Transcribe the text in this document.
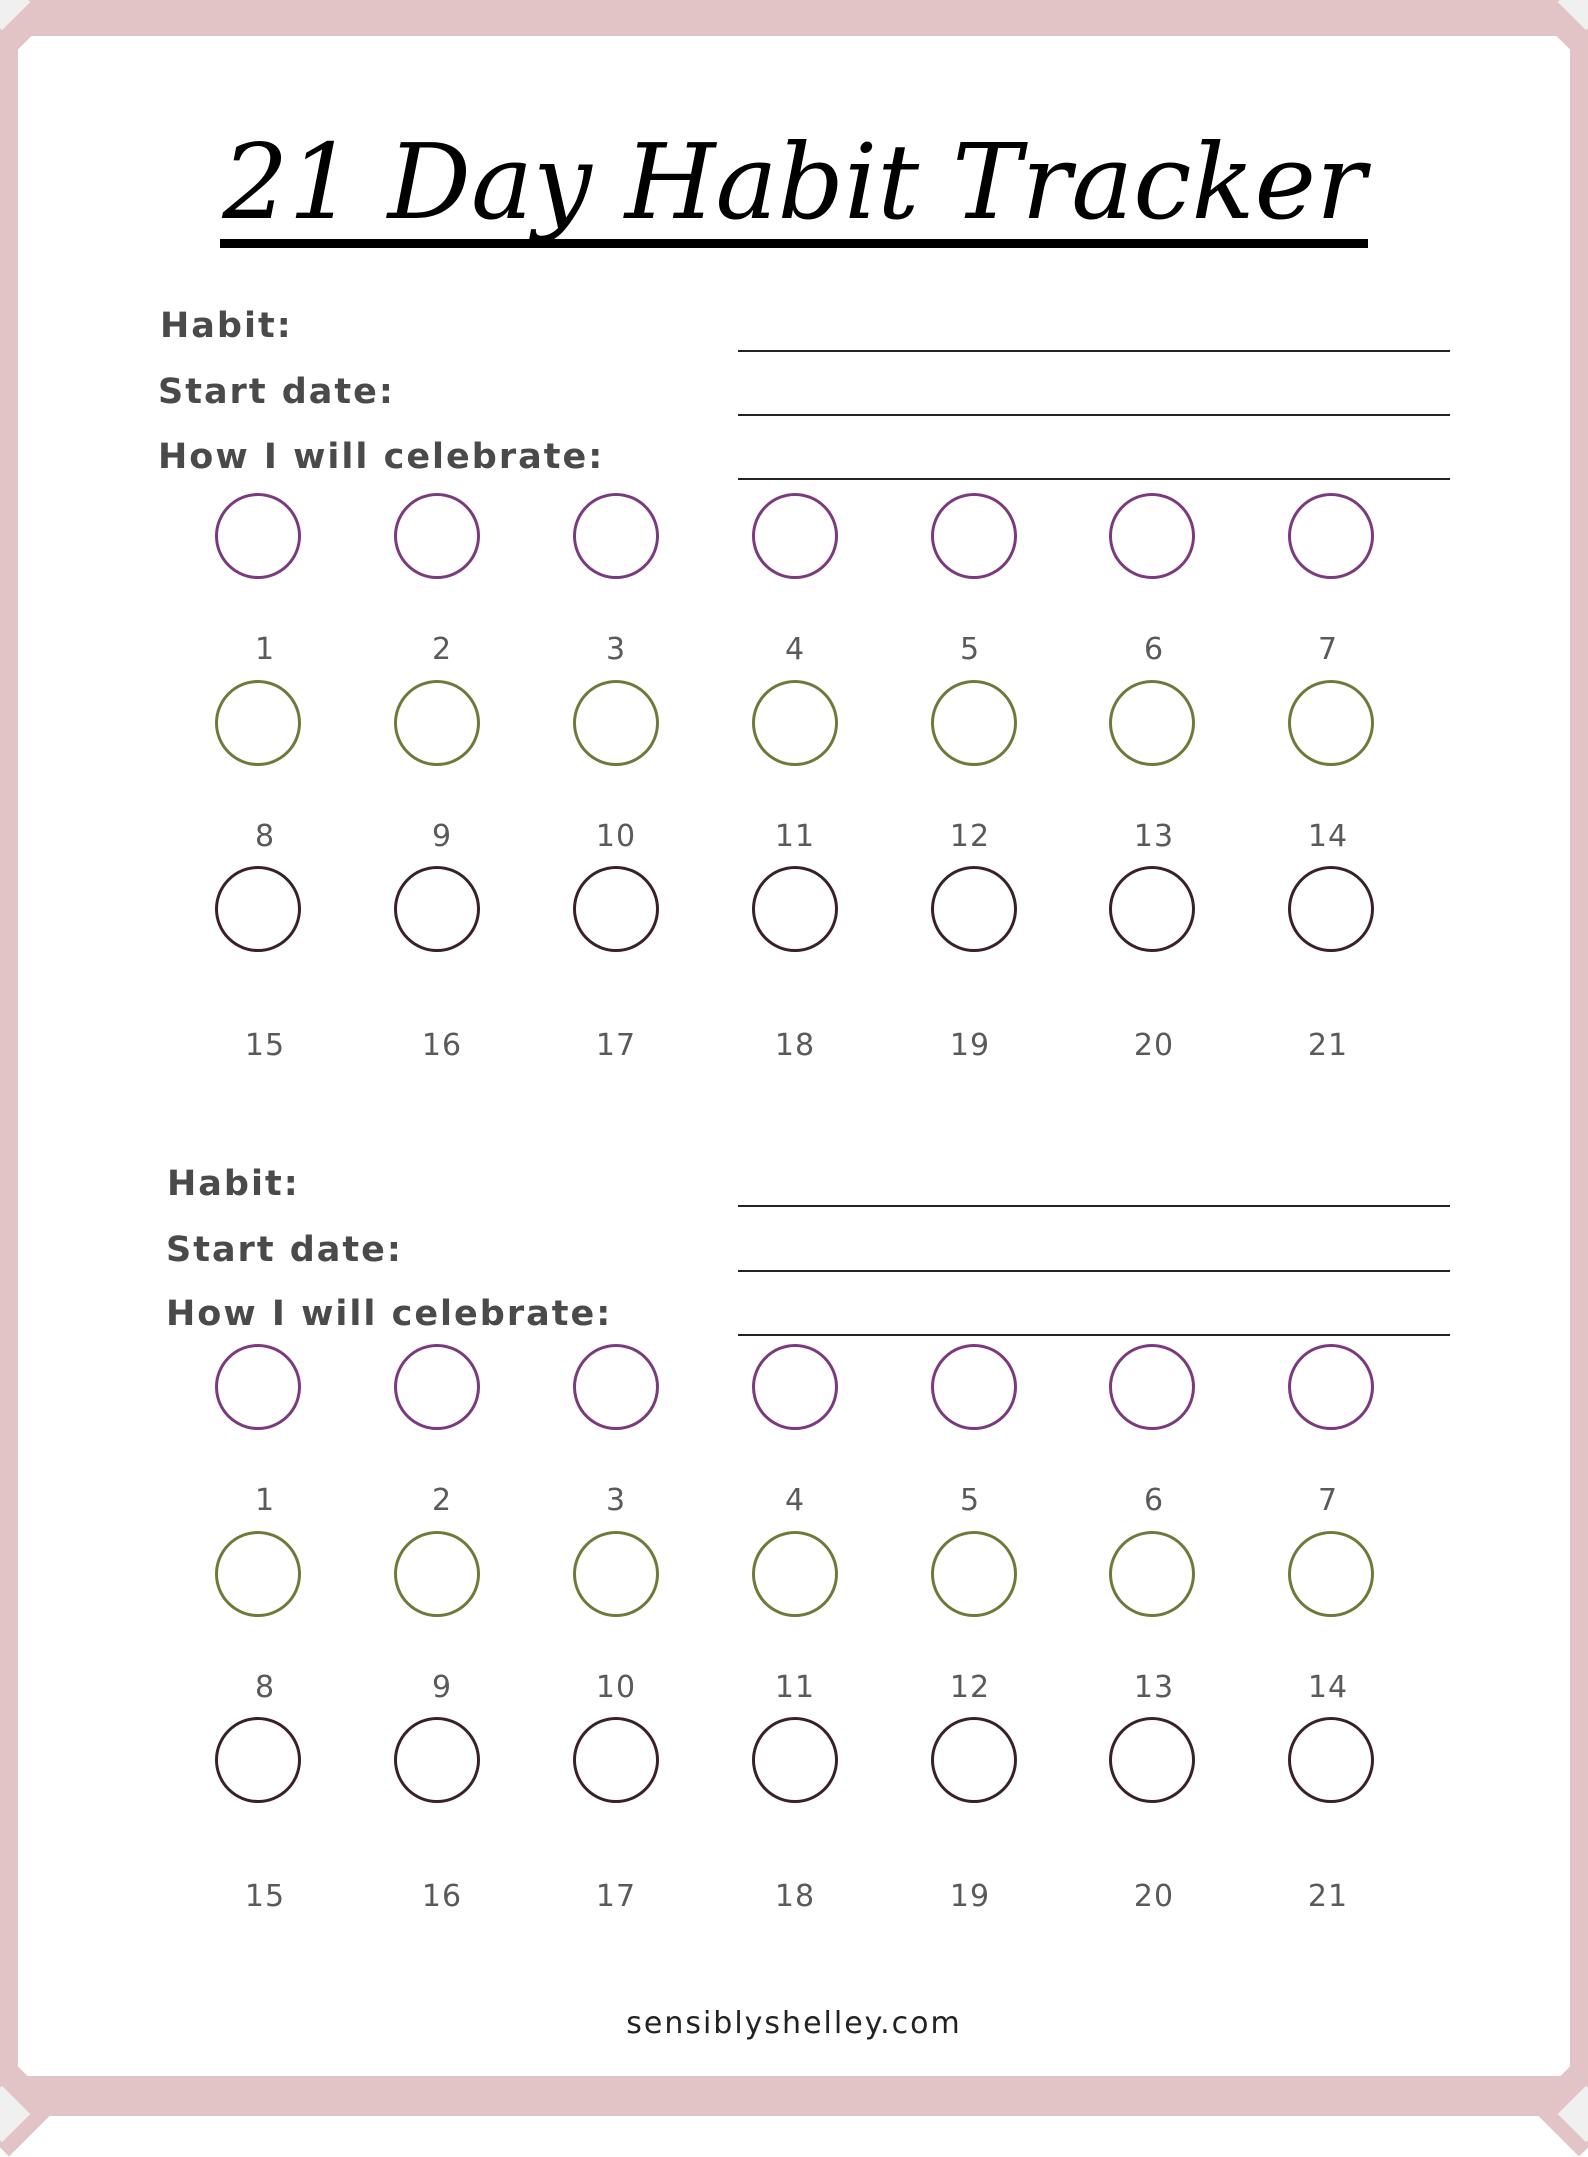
21 Day Habit Tracker
Habit:
Start date:
How I will celebrate:
1	2	3	4	5	6	7
8	9	10	11	12	13	14
15	16	17	18	19	20	21
Habit:
Start date:
How I will celebrate:
1	2	3	4	5	6	7
8	9	10	11	12	13	14
15	16	17	18	19	20	21
sensiblyshelley.com
